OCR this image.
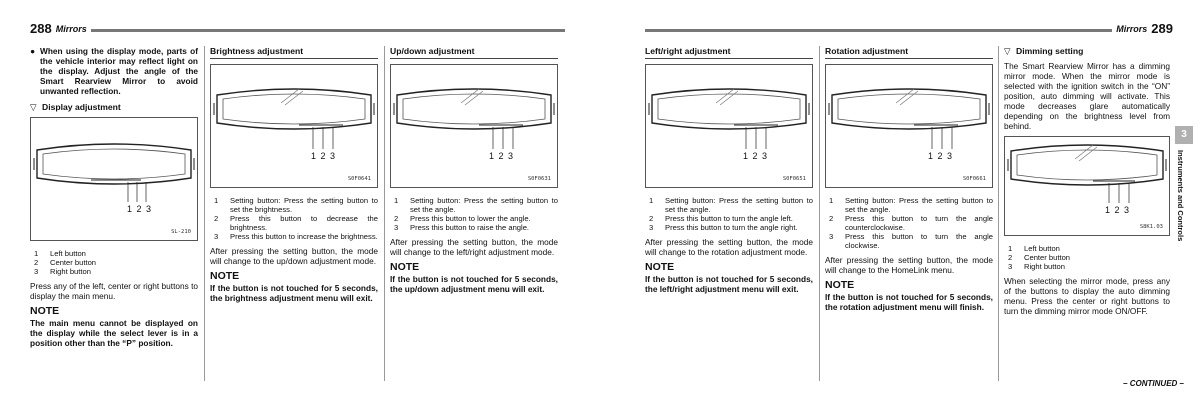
288 Mirrors
● When using the display mode, parts of the vehicle interior may reflect light on the display. Adjust the angle of the Smart Rearview Mirror to avoid unwanted reflection.
▽ Display adjustment
1 2 3
SL-210
1	Left button
2	Center button
3	Right button

Press any of the left, center or right buttons to display the main menu.

NOTE

The main menu cannot be displayed on the display while the select lever is in a position other than the “P” position.

Brightness adjustment
1 2 3
S0F0641
1	Setting button: Press the setting button to set the brightness.
2	Press this button to decrease the brightness.
3	Press this button to increase the brightness.

After pressing the setting button, the mode will change to the up/down adjustment mode.

NOTE

If the button is not touched for 5 seconds, the brightness adjustment menu will exit.

Up/down adjustment
1 2 3
S0F0631
1	Setting button: Press the setting button to set the angle.
2	Press this button to lower the angle.
3	Press this button to raise the angle.

After pressing the setting button, the mode will change to the left/right adjustment mode.

NOTE

If the button is not touched for 5 seconds, the up/down adjustment menu will exit.

Mirrors 289
Left/right adjustment
1 2 3
S0F0651
1	Setting button: Press the setting button to set the angle.
2	Press this button to turn the angle left.
3	Press this button to turn the angle right.

After pressing the setting button, the mode will change to the rotation adjustment mode.

NOTE

If the button is not touched for 5 seconds, the left/right adjustment menu will exit.

Rotation adjustment
1 2 3
S0F0661
1	Setting button: Press the setting button to set the angle.
2	Press this button to turn the angle counterclockwise.
3	Press this button to turn the angle clockwise.

After pressing the setting button, the mode will change to the HomeLink menu.

NOTE

If the button is not touched for 5 seconds, the rotation adjustment menu will finish.

▽ Dimming setting

The Smart Rearview Mirror has a dimming mirror mode. When the mirror mode is selected with the ignition switch in the “ON” position, auto dimming will activate. This mode decreases glare automatically depending on the brightness level from behind.

1 2 3
S8K1.03
1	Left button
2	Center button
3	Right button

When selecting the mirror mode, press any of the buttons to display the auto dimming menu. Press the center or right buttons to turn the dimming mirror mode ON/OFF.

3
Instruments and Controls
– CONTINUED –
